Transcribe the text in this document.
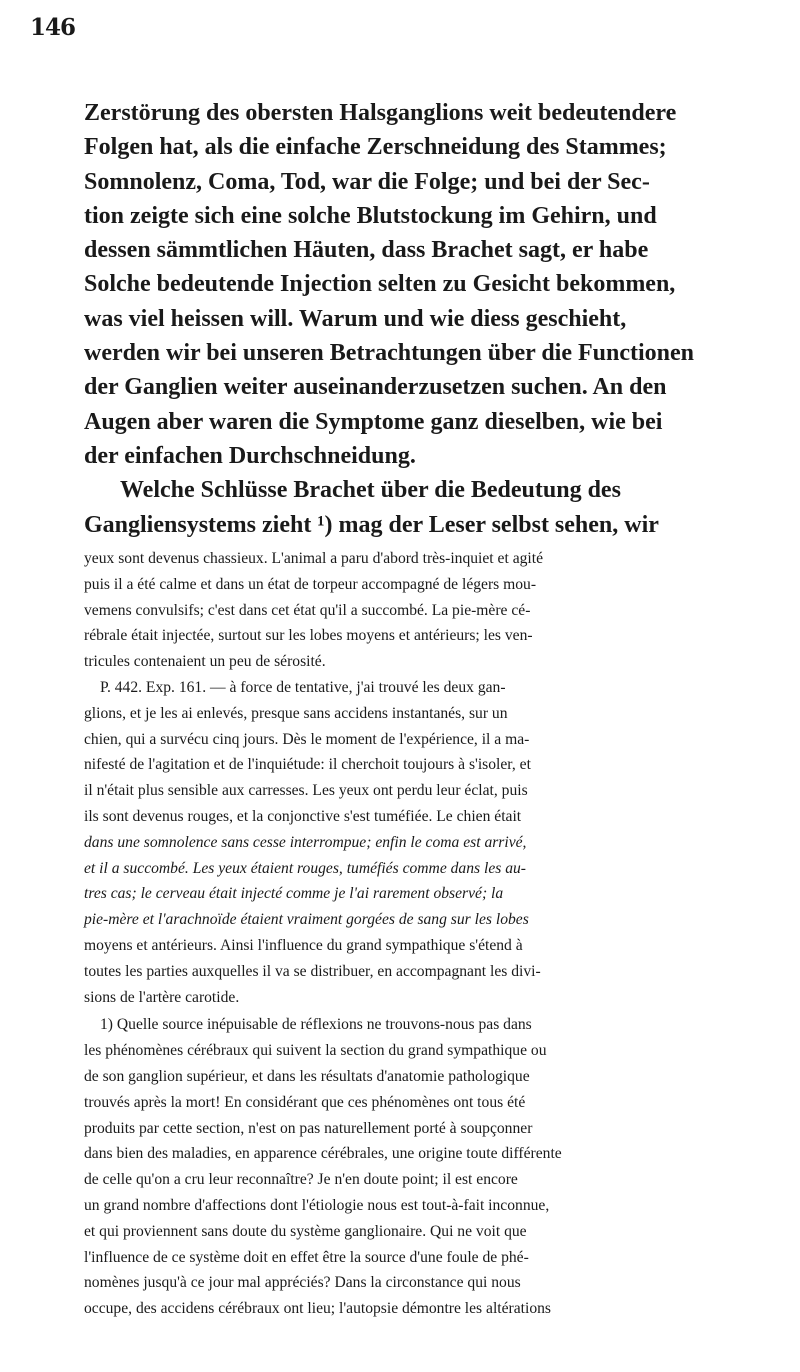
146
Zerstörung des obersten Halsganglions weit bedeutendere
Folgen hat, als die einfache Zerschneidung des Stammes;
Somnolenz, Coma, Tod, war die Folge; und bei der Sec-
tion zeigte sich eine solche Blutstockung im Gehirn, und
dessen sämmtlichen Häuten, dass Brachet sagt, er habe
Solche bedeutende Injection selten zu Gesicht bekommen,
was viel heissen will. Warum und wie diess geschieht,
werden wir bei unseren Betrachtungen über die Functionen
der Ganglien weiter auseinanderzusetzen suchen. An den
Augen aber waren die Symptome ganz dieselben, wie bei
der einfachen Durchschneidung.
Welche Schlüsse Brachet über die Bedeutung des
Gangliensystems zieht ¹) mag der Leser selbst sehen, wir
yeux sont devenus chassieux. L'animal a paru d'abord très-inquiet et agité
puis il a été calme et dans un état de torpeur accompagné de légers mou-
vemens convulsifs; c'est dans cet état qu'il a succombé. La pie-mère cé-
rébrale était injectée, surtout sur les lobes moyens et antérieurs; les ven-
tricules contenaient un peu de sérosité.
P. 442. Exp. 161. — à force de tentative, j'ai trouvé les deux gan-
glions, et je les ai enlevés, presque sans accidens instantanés, sur un
chien, qui a survécu cinq jours. Dès le moment de l'expérience, il a ma-
nifesté de l'agitation et de l'inquiétude: il cherchoit toujours à s'isoler, et
il n'était plus sensible aux carresses. Les yeux ont perdu leur éclat, puis
ils sont devenus rouges, et la conjonctive s'est tuméfiée. Le chien était
dans une somnolence sans cesse interrompue; enfin le coma est arrivé,
et il a succombé. Les yeux étaient rouges, tuméfiés comme dans les au-
tres cas; le cerveau était injecté comme je l'ai rarement observé; la
pie-mère et l'arachnoïde étaient vraiment gorgées de sang sur les lobes
moyens et antérieurs. Ainsi l'influence du grand sympathique s'étend à
toutes les parties auxquelles il va se distribuer, en accompagnant les divi-
sions de l'artère carotide.
1) Quelle source inépuisable de réflexions ne trouvons-nous pas dans
les phénomènes cérébraux qui suivent la section du grand sympathique ou
de son ganglion supérieur, et dans les résultats d'anatomie pathologique
trouvés après la mort! En considérant que ces phénomènes ont tous été
produits par cette section, n'est on pas naturellement porté à soupçonner
dans bien des maladies, en apparence cérébrales, une origine toute différente
de celle qu'on a cru leur reconnaître? Je n'en doute point; il est encore
un grand nombre d'affections dont l'étiologie nous est tout-à-fait inconnue,
et qui proviennent sans doute du système ganglionaire. Qui ne voit que
l'influence de ce système doit en effet être la source d'une foule de phé-
nomènes jusqu'à ce jour mal appréciés? Dans la circonstance qui nous
occupe, des accidens cérébraux ont lieu; l'autopsie démontre les altérations
